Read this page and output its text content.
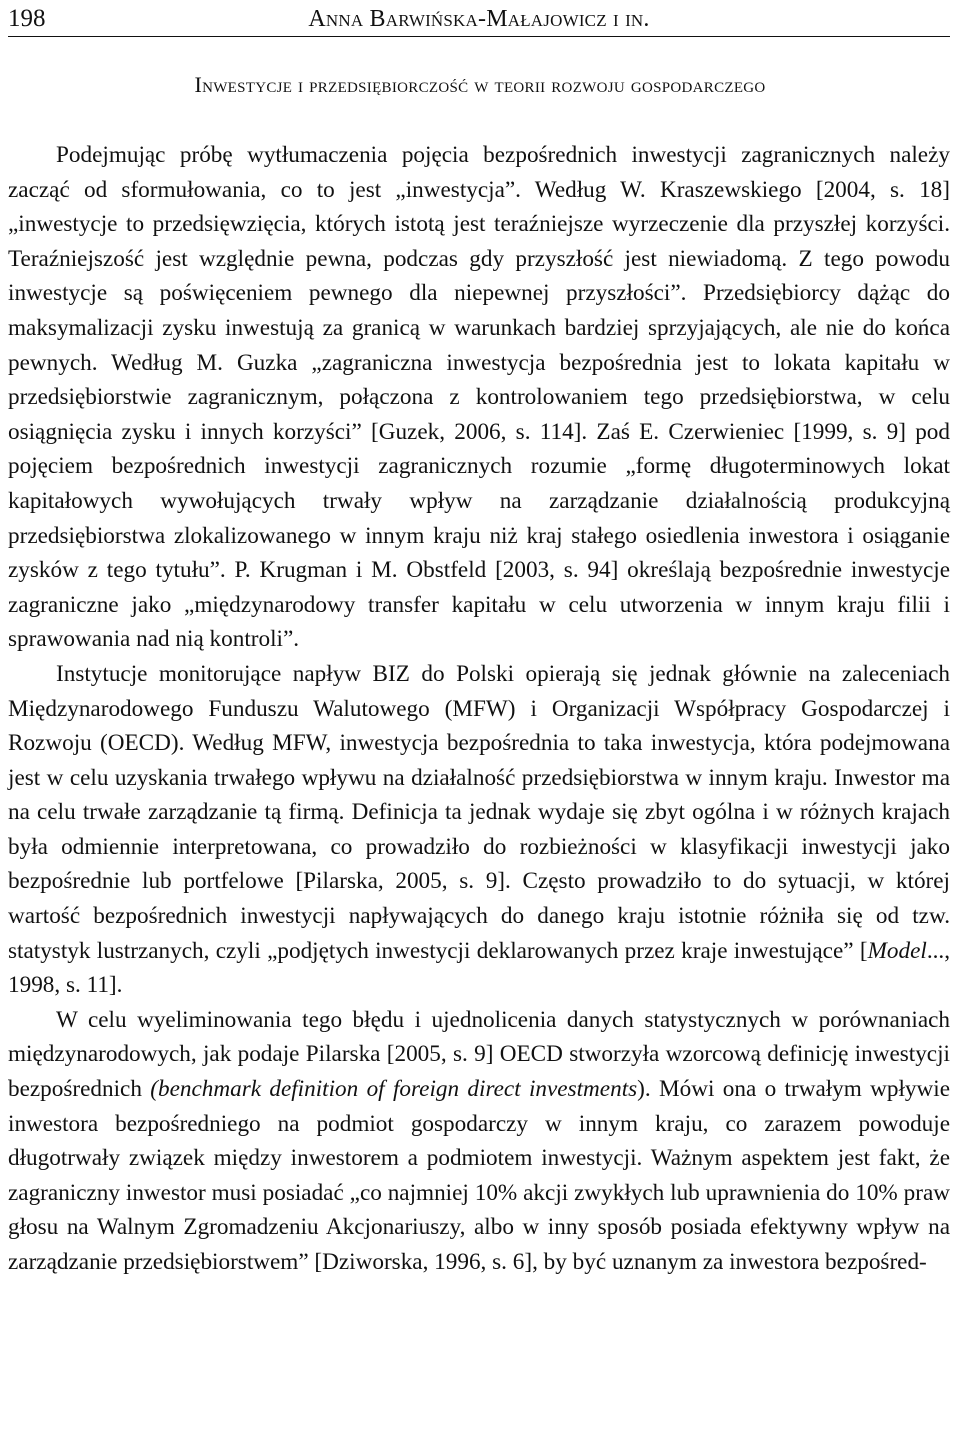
198	Anna Barwińska-Małajowicz i in.
Inwestycje i przedsiębiorczość w teorii rozwoju gospodarczego

Podejmując próbę wytłumaczenia pojęcia bezpośrednich inwestycji zagranicznych należy zacząć od sformułowania, co to jest „inwestycja”. Według W. Kraszewskiego [2004, s. 18] „inwestycje to przedsięwzięcia, których istotą jest teraźniejsze wyrzeczenie dla przyszłej korzyści. Teraźniejszość jest względnie pewna, podczas gdy przyszłość jest niewiadomą. Z tego powodu inwestycje są poświęceniem pewnego dla niepewnej przyszłości”. Przedsiębiorcy dążąc do maksymalizacji zysku inwestują za granicą w warunkach bardziej sprzyjających, ale nie do końca pewnych. Według M. Guzka „zagraniczna inwestycja bezpośrednia jest to lokata kapitału w przedsiębiorstwie zagranicznym, połączona z kontrolowaniem tego przedsiębiorstwa, w celu osiągnięcia zysku i innych korzyści” [Guzek, 2006, s. 114]. Zaś E. Czerwieniec [1999, s. 9] pod pojęciem bezpośrednich inwestycji zagranicznych rozumie „formę długoterminowych lokat kapitałowych wywołujących trwały wpływ na zarządzanie działalnością produkcyjną przedsiębiorstwa zlokalizowanego w innym kraju niż kraj stałego osiedlenia inwestora i osiąganie zysków z tego tytułu”. P. Krugman i M. Obstfeld [2003, s. 94] określają bezpośrednie inwestycje zagraniczne jako „międzynarodowy transfer kapitału w celu utworzenia w innym kraju filii i sprawowania nad nią kontroli”.

Instytucje monitorujące napływ BIZ do Polski opierają się jednak głównie na zaleceniach Międzynarodowego Funduszu Walutowego (MFW) i Organizacji Współpracy Gospodarczej i Rozwoju (OECD). Według MFW, inwestycja bezpośrednia to taka inwestycja, która podejmowana jest w celu uzyskania trwałego wpływu na działalność przedsiębiorstwa w innym kraju. Inwestor ma na celu trwałe zarządzanie tą firmą. Definicja ta jednak wydaje się zbyt ogólna i w różnych krajach była odmiennie interpretowana, co prowadziło do rozbieżności w klasyfikacji inwestycji jako bezpośrednie lub portfelowe [Pilarska, 2005, s. 9]. Często prowadziło to do sytuacji, w której wartość bezpośrednich inwestycji napływających do danego kraju istotnie różniła się od tzw. statystyk lustrzanych, czyli „podjętych inwestycji deklarowanych przez kraje inwestujące” [Model..., 1998, s. 11].

W celu wyeliminowania tego błędu i ujednolicenia danych statystycznych w porównaniach międzynarodowych, jak podaje Pilarska [2005, s. 9] OECD stworzyła wzorcową definicję inwestycji bezpośrednich (benchmark definition of foreign direct investments). Mówi ona o trwałym wpływie inwestora bezpośredniego na podmiot gospodarczy w innym kraju, co zarazem powoduje długotrwały związek między inwestorem a podmiotem inwestycji. Ważnym aspektem jest fakt, że zagraniczny inwestor musi posiadać „co najmniej 10% akcji zwykłych lub uprawnienia do 10% praw głosu na Walnym Zgromadzeniu Akcjonariuszy, albo w inny sposób posiada efektywny wpływ na zarządzanie przedsiębiorstwem” [Dziworska, 1996, s. 6], by być uznanym za inwestora bezpośred-
